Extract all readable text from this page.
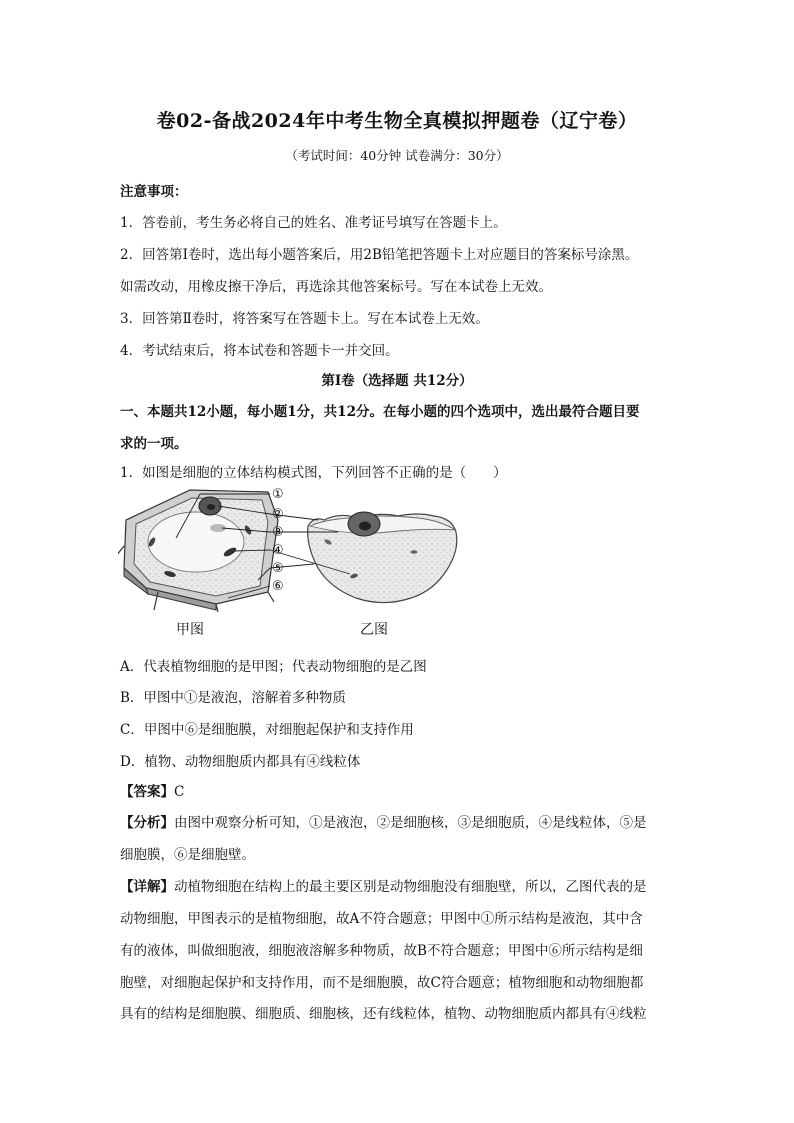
卷02-备战2024年中考生物全真模拟押题卷（辽宁卷）
（考试时间：40分钟 试卷满分：30分）
注意事项：
1．答卷前，考生务必将自己的姓名、准考证号填写在答题卡上。
2．回答第Ⅰ卷时，选出每小题答案后，用2B铅笔把答题卡上对应题目的答案标号涂黑。
如需改动，用橡皮擦干净后，再选涂其他答案标号。写在本试卷上无效。
3．回答第Ⅱ卷时，将答案写在答题卡上。写在本试卷上无效。
4．考试结束后，将本试卷和答题卡一并交回。
第Ⅰ卷（选择题 共12分）
一、本题共12小题，每小题1分，共12分。在每小题的四个选项中，选出最符合题目要
求的一项。
1．如图是细胞的立体结构模式图，下列回答不正确的是（　　）
①
②
③
④
⑤
⑥
甲图	乙图
A．代表植物细胞的是甲图；代表动物细胞的是乙图
B．甲图中①是液泡，溶解着多种物质
C．甲图中⑥是细胞膜，对细胞起保护和支持作用
D．植物、动物细胞质内都具有④线粒体
【答案】C
【分析】由图中观察分析可知，①是液泡，②是细胞核，③是细胞质，④是线粒体，⑤是
细胞膜，⑥是细胞壁。
【详解】动植物细胞在结构上的最主要区别是动物细胞没有细胞壁，所以，乙图代表的是
动物细胞，甲图表示的是植物细胞，故A不符合题意；甲图中①所示结构是液泡，其中含
有的液体，叫做细胞液，细胞液溶解多种物质，故B不符合题意；甲图中⑥所示结构是细
胞壁，对细胞起保护和支持作用，而不是细胞膜，故C符合题意；植物细胞和动物细胞都
具有的结构是细胞膜、细胞质、细胞核，还有线粒体，植物、动物细胞质内都具有④线粒
